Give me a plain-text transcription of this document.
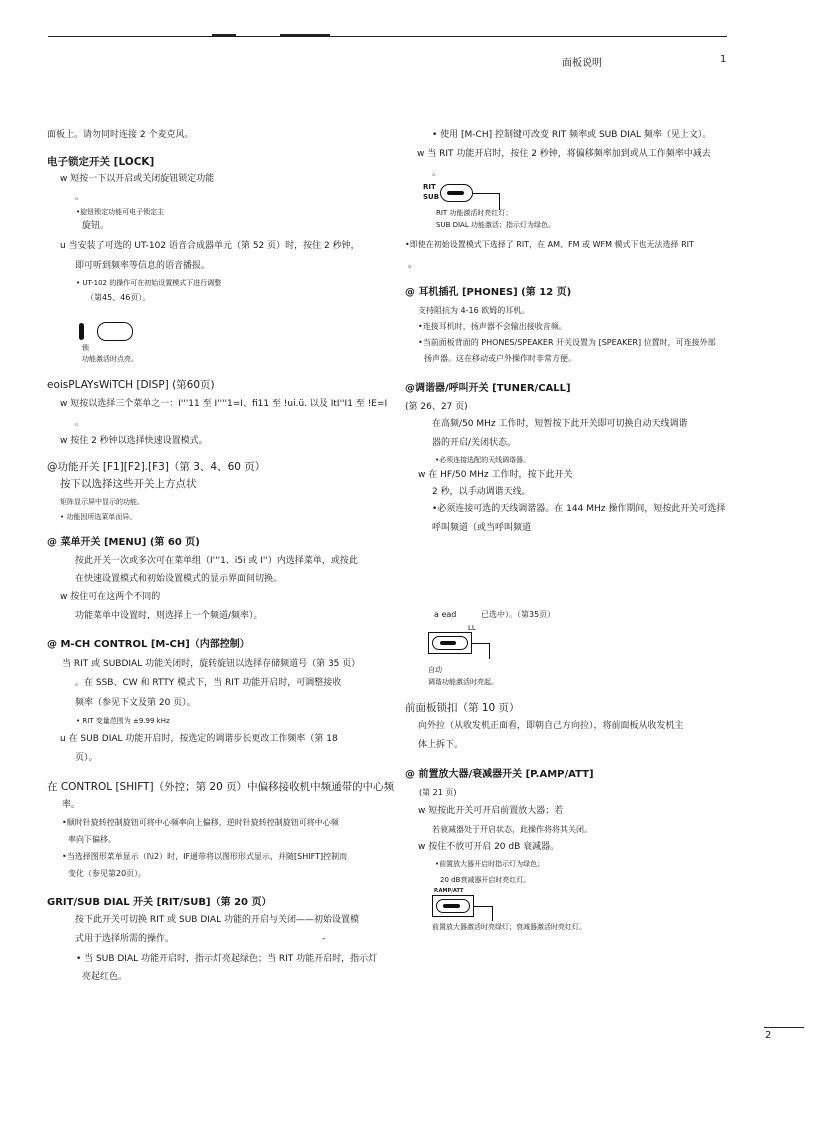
面板说明	1
面板上。请勿同时连接 2 个麦克风。
电子锁定开关 [LOCK]
w 短按一下以开启或关闭旋钮锁定功能
。
•旋钮锁定功能可电子锁定主
旋钮。
u 当安装了可选的 UT-102 语音合成器单元（第 52 页）时，按住 2 秒钟，
即可听到频率等信息的语音播报。
• UT-102 的操作可在初始设置模式下进行调整
（第45、46页）。
锁
功能激活时点亮。
eoisPLAYsWiTCH [DISP] (第60页)
w 短按以选择三个菜单之一：I'''11 至 I''''1=I、fi11 至 !ui.ü. 以及 ItI''I1 至 !E=I
。
w 按住 2 秒钟以选择快速设置模式。
@功能开关 [F1][F2].[F3]（第 3、4、60 页）
按下以选择这些开关上方点状
矩阵显示屏中显示的功能。
• 功能因所选菜单而异。
@ 菜单开关 [MENU] (第 60 页)
按此开关一次或多次可在菜单组（I'''1、i5i 或 I''）内选择菜单，或按此
在快速设置模式和初始设置模式的显示界面间切换。
w 按住可在这两个不同的
功能菜单中设置时，则选择上一个频道/频率）。
@ M-CH CONTROL [M-CH]（内部控制）
当 RIT 或 SUBDIAL 功能关闭时，旋转旋钮以选择存储频道号（第 35 页）
。在 SSB、CW 和 RTTY 模式下，当 RIT 功能开启时，可调整接收
频率（参见下文及第 20 页）。
• RIT 变量范围为 ±9.99 kHz
u 在 SUB DIAL 功能开启时，按选定的调谐步长更改工作频率（第 18
页）。
在 CONTROL [SHIFT]（外控；第 20 页）中偏移接收机中频通带的中心频
率。
•顺时针旋转控制旋钮可将中心频率向上偏移，逆时针旋转控制旋钮可将中心频
率向下偏移。
•当选择图形菜单显示（I\i2）时，IF通带将以图形形式显示，并随[SHIFT]控制而
变化（参见第20页）。
GRIT/SUB DIAL 开关 [RIT/SUB]（第 20 页）
按下此开关可切换 RIT 或 SUB DIAL 功能的开启与关闭——初始设置模
式用于选择所需的操作。	-
• 当 SUB DIAL 功能开启时，指示灯亮起绿色；当 RIT 功能开启时，指示灯
亮起红色。
• 使用 [M-CH] 控制键可改变 RIT 频率或 SUB DIAL 频率（见上文）。
w 当 RIT 功能开启时，按住 2 秒钟，将偏移频率加到或从工作频率中减去
。
RIT
SUB
RIT 功能激活时亮红灯；
SUB DIAL 功能激活；指示灯为绿色。
•即使在初始设置模式下选择了 RIT，在 AM、FM 或 WFM 模式下也无法选择 RIT
。
@ 耳机插孔 [PHONES] (第 12 页)
支持阻抗为 4-16 欧姆的耳机。
•连接耳机时，扬声器不会输出接收音频。
•当前面板背面的 PHONES/SPEAKER 开关设置为 [SPEAKER] 位置时，可连接外部
扬声器。这在移动或户外操作时非常方便。
@调谐器/呼叫开关 [TUNER/CALL]
(第 26、27 页)
在高频/50 MHz 工作时，短暂按下此开关即可切换自动天线调谐
器的开启/关闭状态。
•必须连接选配的天线调谐器。
w 在 HF/50 MHz 工作时，按下此开关
2 秒，以手动调谐天线。
•必须连接可选的天线调谐器。在 144 MHz 操作期间，短按此开关可选择
呼叫频道（或当呼叫频道
a ead	已选中）。（第35页）
LL
自动
调谐功能激活时亮起。
前面板锁扣（第 10 页）
向外拉（从收发机正面看，即朝自己方向拉），将前面板从收发机主
体上拆下。
@ 前置放大器/衰减器开关 [P.AMP/ATT]
(第 21 页)
w 短按此开关可开启前置放大器；若
若衰减器处于开启状态，此操作将将其关闭。
w 按住不放可开启 20 dB 衰减器。
•前置放大器开启时指示灯为绿色；
20 dB衰减器开启时亮红灯。
P.AMP/ATT
前置放大器激活时亮绿灯；衰减器激活时亮红灯。
2
